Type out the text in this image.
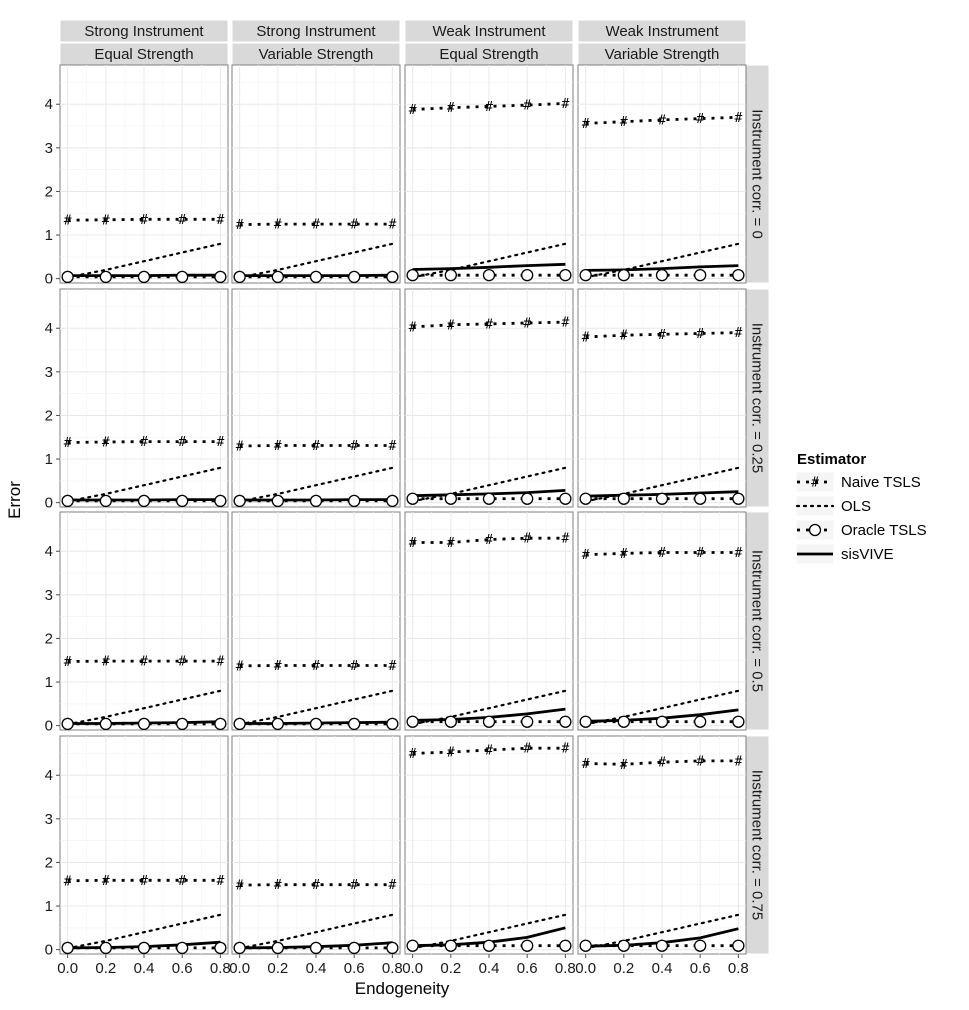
Strong Instrument
Equal Strength
Strong Instrument
Variable Strength
Weak Instrument
Equal Strength
Weak Instrument
Variable Strength
Instrument corr. = 0
Instrument corr. = 0.25
Instrument corr. = 0.5
Instrument corr. = 0.75
# # # # # # # # # #
# # # # #
# # # # #
# # # # # # # # # #
# # # # #
# # # # #
# # # # # # # # # #
# # # # #
# # # # #
# # # # # # # # # #
# # # # #
# # # # #
0
1
2
3
4
0
1
2
3
4
0
1
2
3
4
0
1
2
3
4
0.0 0.2 0.4 0.6 0.8
0.0 0.2 0.4 0.6 0.8 0.0 0.2 0.4 0.6 0.8 0.0 0.2 0.4 0.6 0.8
Endogeneity
Error
Estimator
# Naive TSLS
OLS
Oracle TSLS
sisVIVE
